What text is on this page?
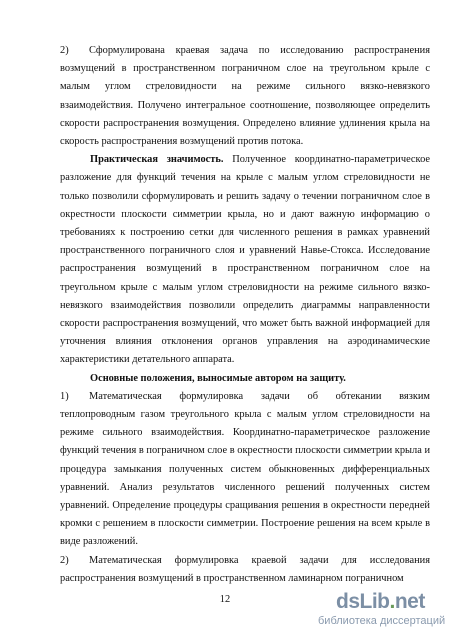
2) Сформулирована краевая задача по исследованию распространения возмущений в пространственном пограничном слое на треугольном крыле с малым углом стреловидности на режиме сильного вязко-невязкого взаимодействия. Получено интегральное соотношение, позволяющее определить скорости распространения возмущения. Определено влияние удлинения крыла на скорость распространения возмущений против потока.

Практическая значимость. Полученное координатно-параметрическое разложение для функций течения на крыле с малым углом стреловидности не только позволили сформулировать и решить задачу о течении пограничном слое в окрестности плоскости симметрии крыла, но и дают важную информацию о требованиях к построению сетки для численного решения в рамках уравнений пространственного пограничного слоя и уравнений Навье-Стокса. Исследование распространения возмущений в пространственном пограничном слое на треугольном крыле с малым углом стреловидности на режиме сильного вязко-невязкого взаимодействия позволили определить диаграммы направленности скорости распространения возмущений, что может быть важной информацией для уточнения влияния отклонения органов управления на аэродинамические характеристики детательного аппарата.

Основные положения, выносимые автором на защиту.

1) Математическая формулировка задачи об обтекании вязким теплопроводным газом треугольного крыла с малым углом стреловидности на режиме сильного взаимодействия. Координатно-параметрическое разложение функций течения в пограничном слое в окрестности плоскости симметрии крыла и процедура замыкания полученных систем обыкновенных дифференциальных уравнений. Анализ результатов численного решений полученных систем уравнений. Определение процедуры сращивания решения в окрестности передней кромки с решением в плоскости симметрии. Построение решения на всем крыле в виде разложений.

2) Математическая формулировка краевой задачи для исследования распространения возмущений в пространственном ламинарном пограничном

12	dsLib.net
библиотека диссертаций
